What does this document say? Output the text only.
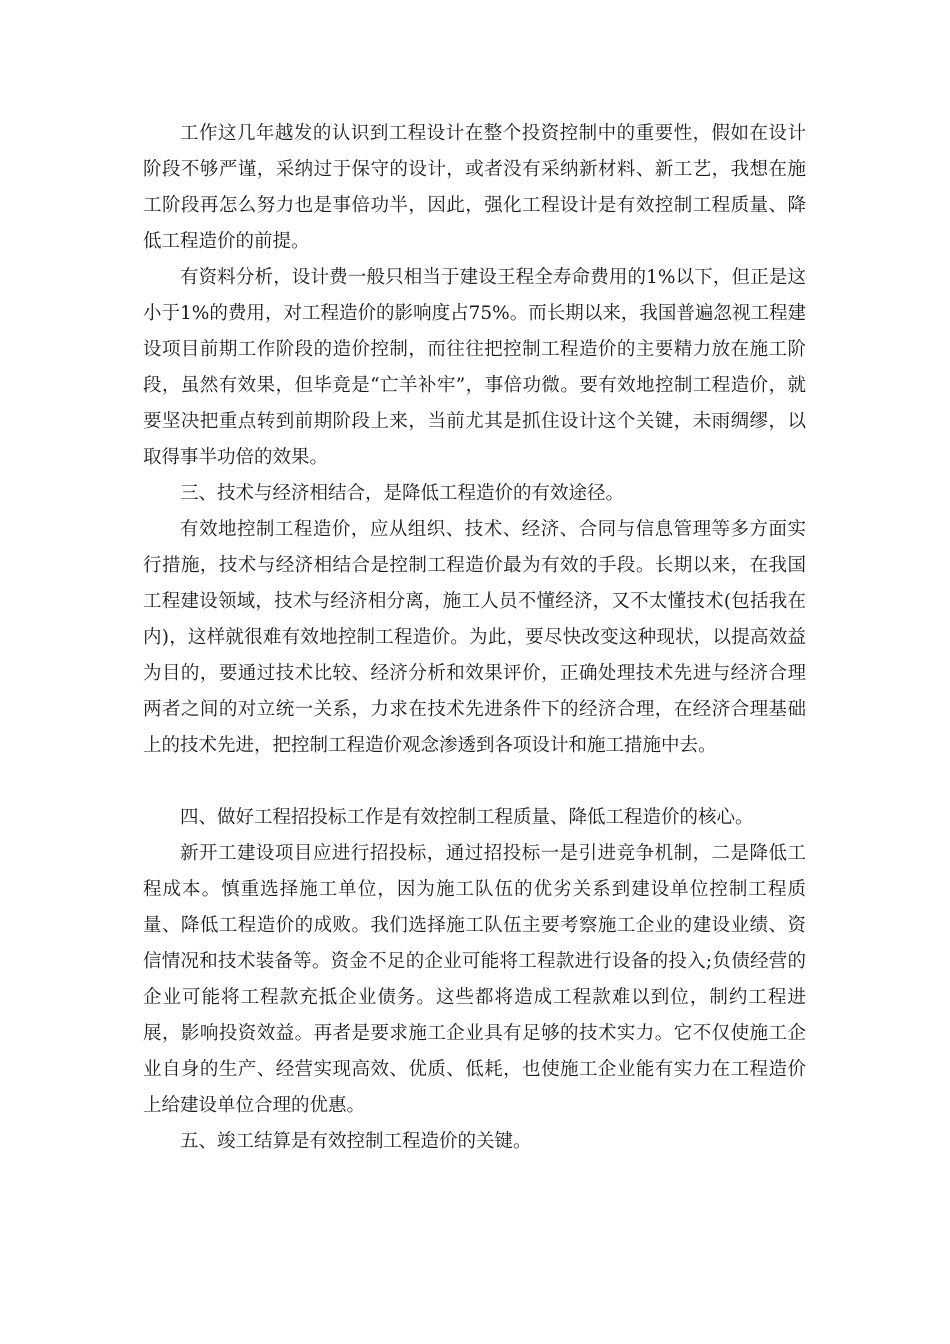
工作这几年越发的认识到工程设计在整个投资控制中的重要性，假如在设计阶段不够严谨，采纳过于保守的设计，或者没有采纳新材料、新工艺，我想在施工阶段再怎么努力也是事倍功半，因此，强化工程设计是有效控制工程质量、降低工程造价的前提。

有资料分析，设计费一般只相当于建设王程全寿命费用的1%以下，但正是这小于1%的费用，对工程造价的影响度占75%。而长期以来，我国普遍忽视工程建设项目前期工作阶段的造价控制，而往往把控制工程造价的主要精力放在施工阶段，虽然有效果，但毕竟是“亡羊补牢”，事倍功微。要有效地控制工程造价，就要坚决把重点转到前期阶段上来，当前尤其是抓住设计这个关键，未雨绸缪，以取得事半功倍的效果。

三、技术与经济相结合，是降低工程造价的有效途径。

有效地控制工程造价，应从组织、技术、经济、合同与信息管理等多方面实行措施，技术与经济相结合是控制工程造价最为有效的手段。长期以来，在我国工程建设领域，技术与经济相分离，施工人员不懂经济，又不太懂技术(包括我在内)，这样就很难有效地控制工程造价。为此，要尽快改变这种现状，以提高效益为目的，要通过技术比较、经济分析和效果评价，正确处理技术先进与经济合理两者之间的对立统一关系，力求在技术先进条件下的经济合理，在经济合理基础上的技术先进，把控制工程造价观念渗透到各项设计和施工措施中去。

四、做好工程招投标工作是有效控制工程质量、降低工程造价的核心。

新开工建设项目应进行招投标，通过招投标一是引进竞争机制，二是降低工程成本。慎重选择施工单位，因为施工队伍的优劣关系到建设单位控制工程质量、降低工程造价的成败。我们选择施工队伍主要考察施工企业的建设业绩、资信情况和技术装备等。资金不足的企业可能将工程款进行设备的投入;负债经营的企业可能将工程款充抵企业债务。这些都将造成工程款难以到位，制约工程进展，影响投资效益。再者是要求施工企业具有足够的技术实力。它不仅使施工企业自身的生产、经营实现高效、优质、低耗，也使施工企业能有实力在工程造价上给建设单位合理的优惠。

五、竣工结算是有效控制工程造价的关键。
